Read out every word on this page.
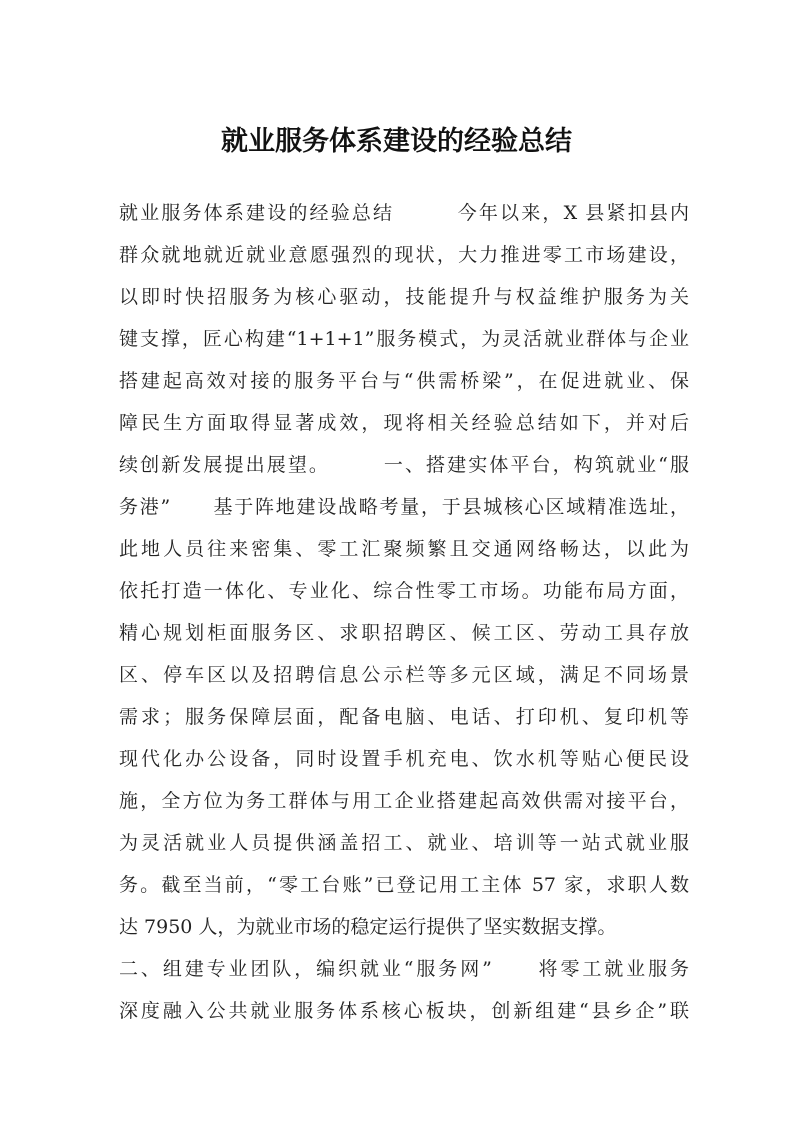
就业服务体系建设的经验总结
就业服务体系建设的经验总结　　　今年以来，X 县紧扣县内
群众就地就近就业意愿强烈的现状，大力推进零工市场建设，
以即时快招服务为核心驱动，技能提升与权益维护服务为关
键支撑，匠心构建“1+1+1”服务模式，为灵活就业群体与企业
搭建起高效对接的服务平台与“供需桥梁”，在促进就业、保
障民生方面取得显著成效，现将相关经验总结如下，并对后
续创新发展提出展望。　　　一、搭建实体平台，构筑就业“服
务港”　　基于阵地建设战略考量，于县城核心区域精准选址，
此地人员往来密集、零工汇聚频繁且交通网络畅达，以此为
依托打造一体化、专业化、综合性零工市场。功能布局方面，
精心规划柜面服务区、求职招聘区、候工区、劳动工具存放
区、停车区以及招聘信息公示栏等多元区域，满足不同场景
需求；服务保障层面，配备电脑、电话、打印机、复印机等
现代化办公设备，同时设置手机充电、饮水机等贴心便民设
施，全方位为务工群体与用工企业搭建起高效供需对接平台，
为灵活就业人员提供涵盖招工、就业、培训等一站式就业服
务。截至当前，“零工台账”已登记用工主体 57 家，求职人数
达 7950 人，为就业市场的稳定运行提供了坚实数据支撑。
二、组建专业团队，编织就业“服务网”　　将零工就业服务
深度融入公共就业服务体系核心板块，创新组建“县乡企”联
